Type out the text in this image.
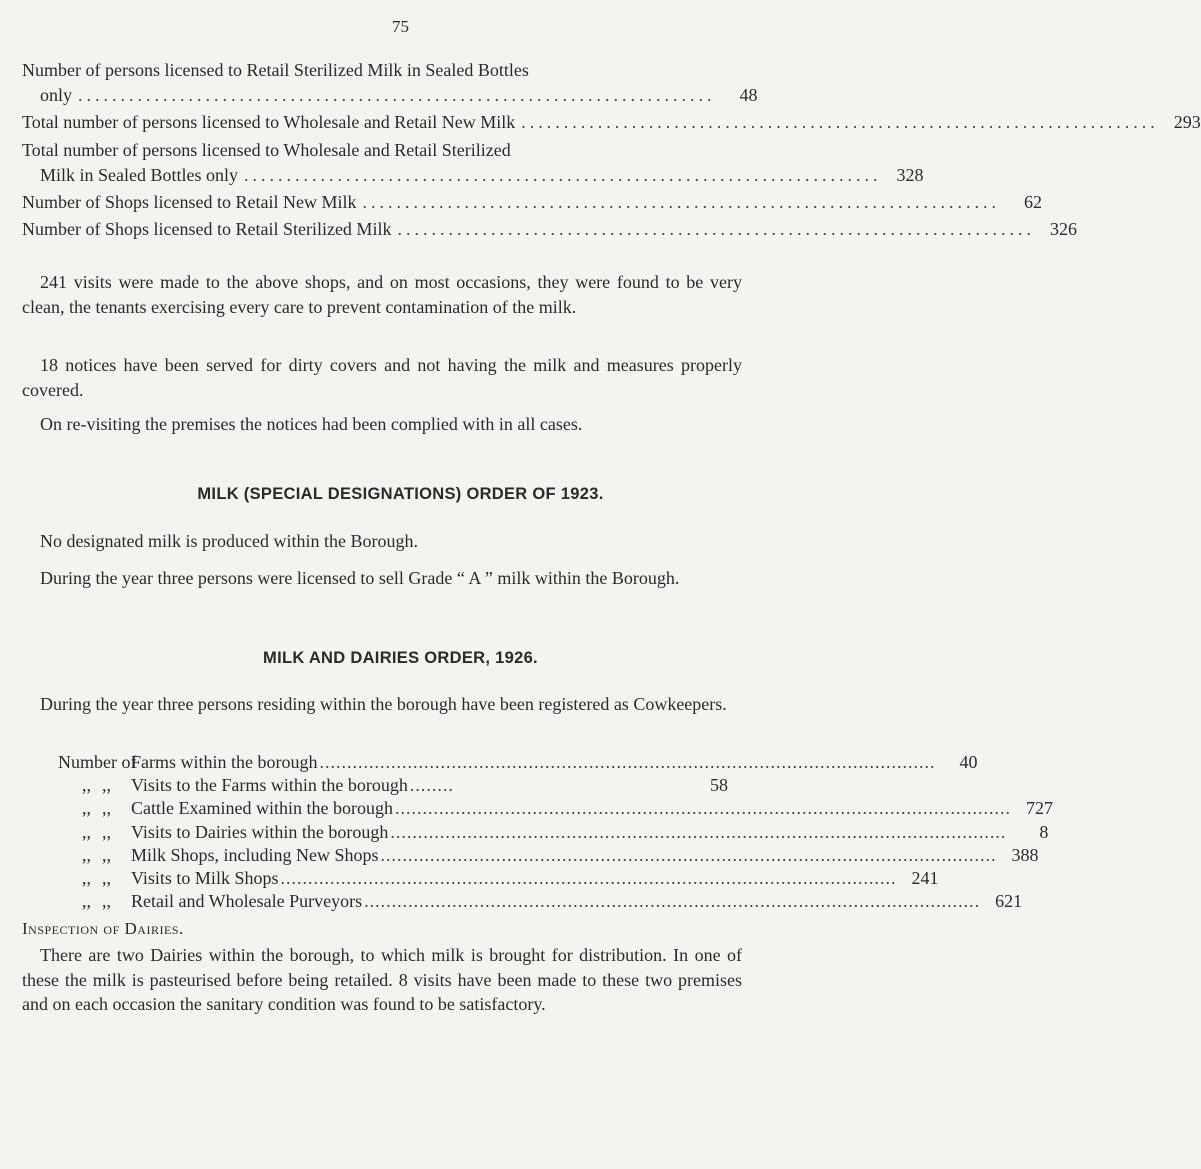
75
Number of persons licensed to Retail Sterilized Milk in Sealed Bottles
only ...........................................................................	48
Total number of persons licensed to Wholesale and Retail New Milk ........................................................................... 293
Total number of persons licensed to Wholesale and Retail Sterilized
Milk in Sealed Bottles only ........................................................................... 328
Number of Shops licensed to Retail New Milk ...........................................................................	62
Number of Shops licensed to Retail Sterilized Milk ........................................................................... 326

241 visits were made to the above shops, and on most occasions, they were found to be very clean, the tenants exercising every care to prevent contamination of the milk.

18 notices have been served for dirty covers and not having the milk and measures properly covered.

On re-visiting the premises the notices had been complied with in all cases.

MILK (SPECIAL DESIGNATIONS) ORDER OF 1923.

No designated milk is produced within the Borough.

During the year three persons were licensed to sell Grade “ A ” milk within the Borough.

MILK AND DAIRIES ORDER, 1926.

During the year three persons residing within the borough have been registered as Cowkeepers.

Number of
Farms within the borough ................................................................................................................	40
,, ,,	Visits to the Farms within the borough ........	58
,, ,,	Cattle Examined within the borough ................................................................................................................ 727
,, ,,	Visits to Dairies within the borough ................................................................................................................	8
,, ,,	Milk Shops, including New Shops ................................................................................................................ 388
,, ,,	Visits to Milk Shops ................................................................................................................ 241
,, ,,	Retail and Wholesale Purveyors ................................................................................................................ 621
Inspection of Dairies.

There are two Dairies within the borough, to which milk is brought for distribution. In one of these the milk is pasteurised before being retailed. 8 visits have been made to these two premises and on each occasion the sanitary condition was found to be satisfactory.
